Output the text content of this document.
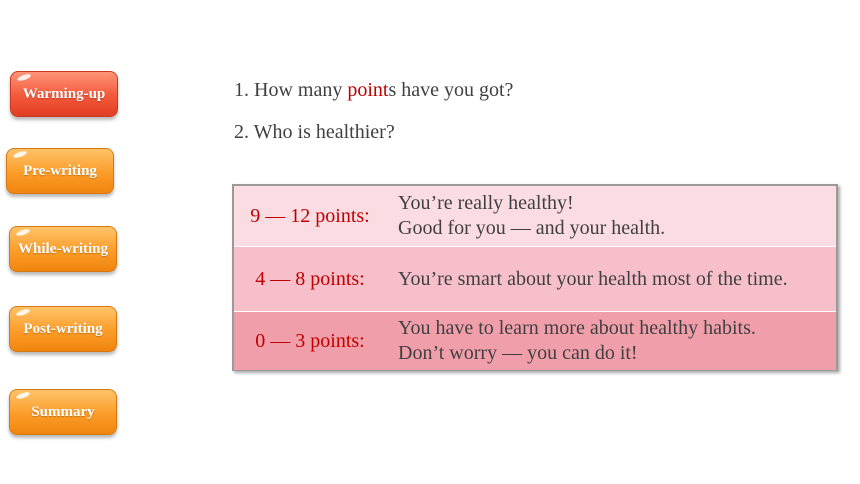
Warming-up
Pre-writing
While-writing
Post-writing
Summary
1. How many points have you got?
2. Who is healthier?
9 — 12 points:
You’re really healthy!
Good for you — and your health.
4 — 8 points:	You’re smart about your health most of the time.
0 — 3 points:
You have to learn more about healthy habits.
Don’t worry — you can do it!
